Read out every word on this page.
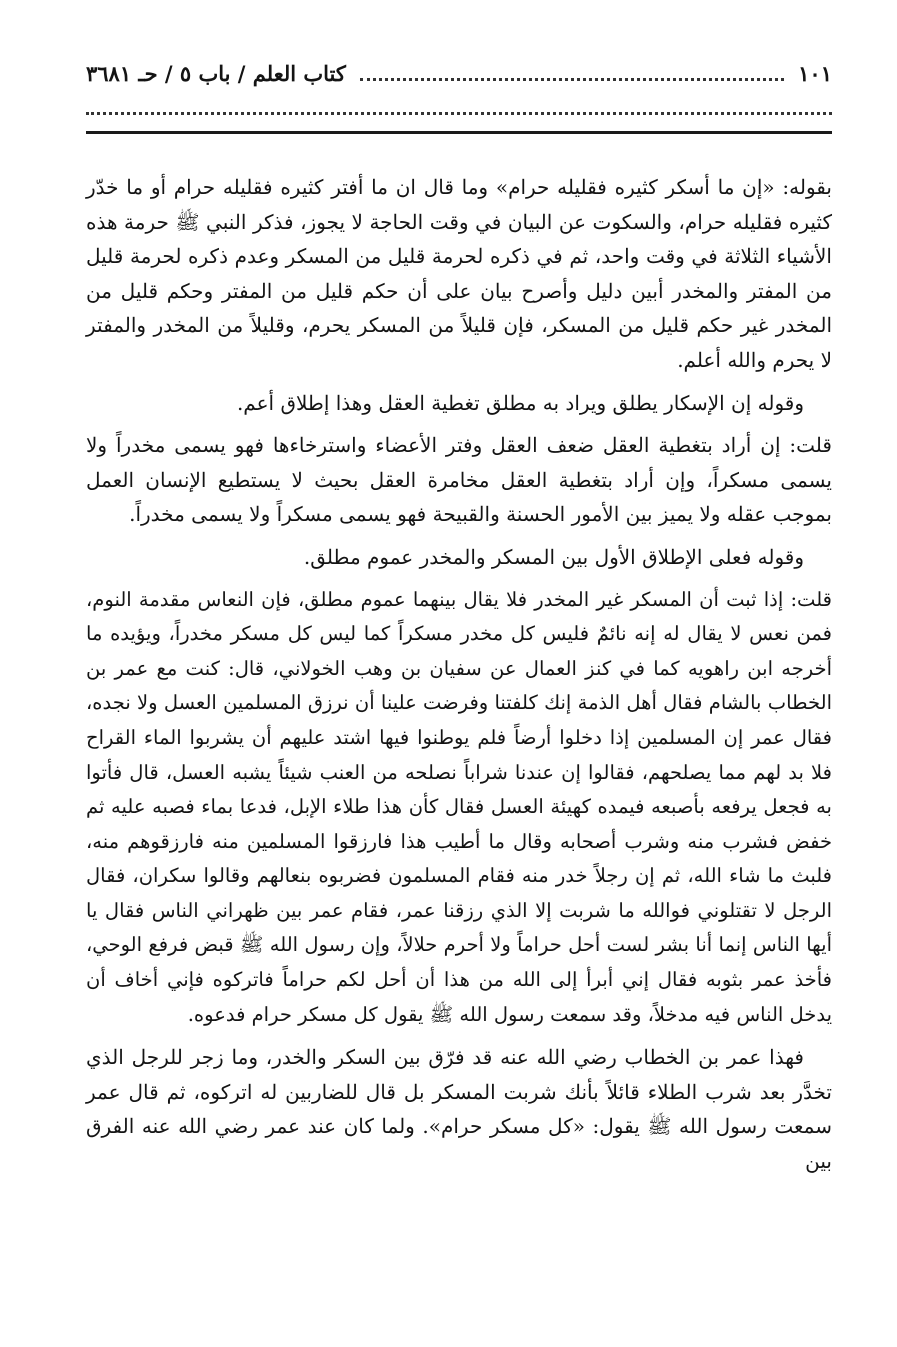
كتاب العلم / باب ٥ / حـ ٣٦٨١	١٠١

بقوله: «إن ما أسكر كثيره فقليله حرام» وما قال ان ما أفتر كثيره فقليله حرام أو ما خدّر كثيره فقليله حرام، والسكوت عن البيان في وقت الحاجة لا يجوز، فذكر النبي ﷺ حرمة هذه الأشياء الثلاثة في وقت واحد، ثم في ذكره لحرمة قليل من المسكر وعدم ذكره لحرمة قليل من المفتر والمخدر أبين دليل وأصرح بيان على أن حكم قليل من المفتر وحكم قليل من المخدر غير حكم قليل من المسكر، فإن قليلاً من المسكر يحرم، وقليلاً من المخدر والمفتر لا يحرم والله أعلم.

وقوله إن الإسكار يطلق ويراد به مطلق تغطية العقل وهذا إطلاق أعم.

قلت: إن أراد بتغطية العقل ضعف العقل وفتر الأعضاء واسترخاءها فهو يسمى مخدراً ولا يسمى مسكراً، وإن أراد بتغطية العقل مخامرة العقل بحيث لا يستطيع الإنسان العمل بموجب عقله ولا يميز بين الأمور الحسنة والقبيحة فهو يسمى مسكراً ولا يسمى مخدراً.

وقوله فعلى الإطلاق الأول بين المسكر والمخدر عموم مطلق.

قلت: إذا ثبت أن المسكر غير المخدر فلا يقال بينهما عموم مطلق، فإن النعاس مقدمة النوم، فمن نعس لا يقال له إنه نائمٌ فليس كل مخدر مسكراً كما ليس كل مسكر مخدراً، ويؤيده ما أخرجه ابن راهويه كما في كنز العمال عن سفيان بن وهب الخولاني، قال: كنت مع عمر بن الخطاب بالشام فقال أهل الذمة إنك كلفتنا وفرضت علينا أن نرزق المسلمين العسل ولا نجده، فقال عمر إن المسلمين إذا دخلوا أرضاً فلم يوطنوا فيها اشتد عليهم أن يشربوا الماء القراح فلا بد لهم مما يصلحهم، فقالوا إن عندنا شراباً نصلحه من العنب شيئاً يشبه العسل، قال فأتوا به فجعل يرفعه بأصبعه فيمده كهيئة العسل فقال كأن هذا طلاء الإبل، فدعا بماء فصبه عليه ثم خفض فشرب منه وشرب أصحابه وقال ما أطيب هذا فارزقوا المسلمين منه فارزقوهم منه، فلبث ما شاء الله، ثم إن رجلاً خدر منه فقام المسلمون فضربوه بنعالهم وقالوا سكران، فقال الرجل لا تقتلوني فوالله ما شربت إلا الذي رزقنا عمر، فقام عمر بين ظهراني الناس فقال يا أيها الناس إنما أنا بشر لست أحل حراماً ولا أحرم حلالاً، وإن رسول الله ﷺ قبض فرفع الوحي، فأخذ عمر بثوبه فقال إني أبرأ إلى الله من هذا أن أحل لكم حراماً فاتركوه فإني أخاف أن يدخل الناس فيه مدخلاً، وقد سمعت رسول الله ﷺ يقول كل مسكر حرام فدعوه.

فهذا عمر بن الخطاب رضي الله عنه قد فرّق بين السكر والخدر، وما زجر للرجل الذي تخدَّر بعد شرب الطلاء قائلاً بأنك شربت المسكر بل قال للضاربين له اتركوه، ثم قال عمر سمعت رسول الله ﷺ يقول: «كل مسكر حرام». ولما كان عند عمر رضي الله عنه الفرق بين
